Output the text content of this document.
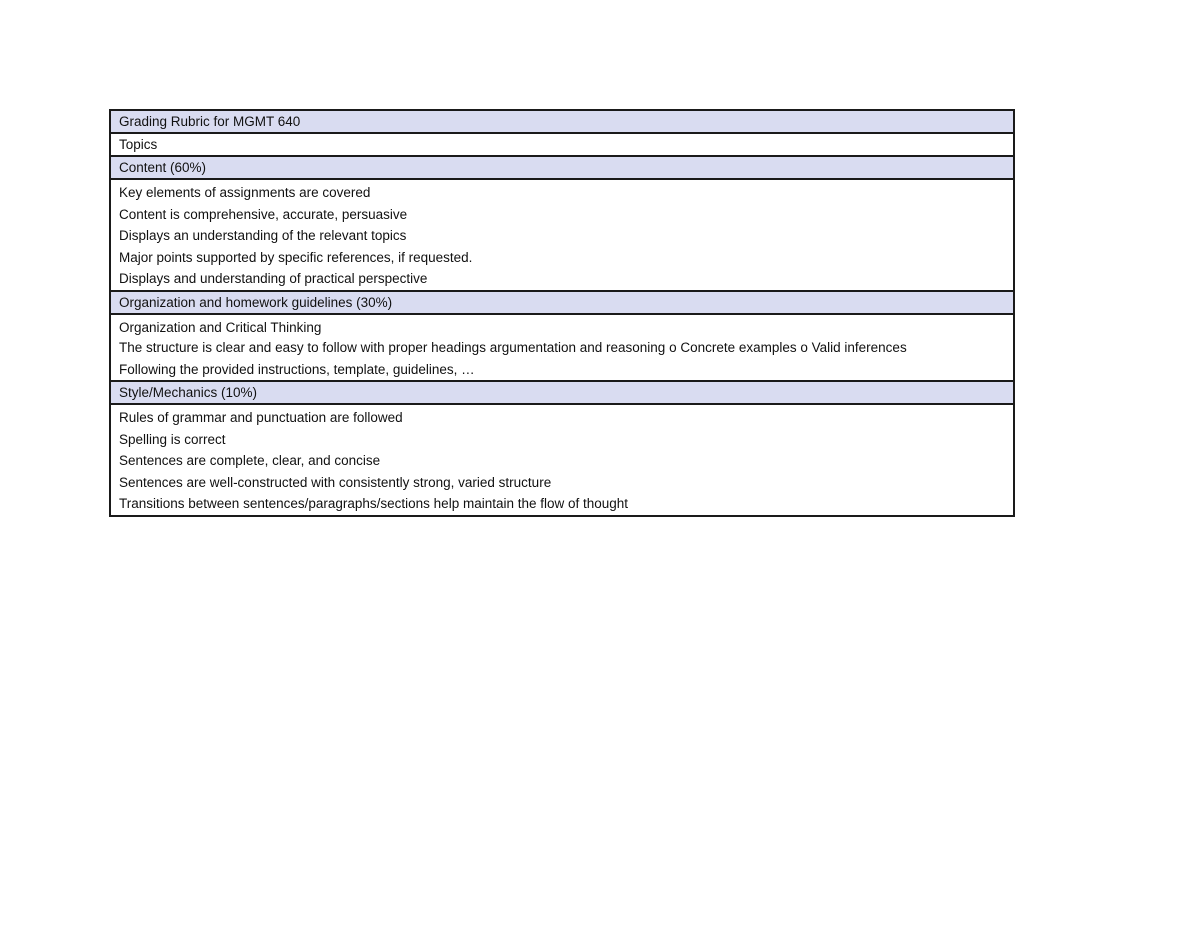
Grading Rubric for MGMT 640
Topics
Content (60%)
Key elements of assignments are covered
Content is comprehensive, accurate, persuasive
Displays an understanding of the relevant topics
Major points supported by specific references, if requested.
Displays and understanding of practical perspective
Organization and homework guidelines (30%)
Organization and Critical Thinking
The structure is clear and easy to follow with proper headings argumentation and reasoning o Concrete examples o Valid inferences
Following the provided instructions, template, guidelines, …
Style/Mechanics (10%)
Rules of grammar and punctuation are followed
Spelling is correct
Sentences are complete, clear, and concise
Sentences are well-constructed with consistently strong, varied structure
Transitions between sentences/paragraphs/sections help maintain the flow of thought
